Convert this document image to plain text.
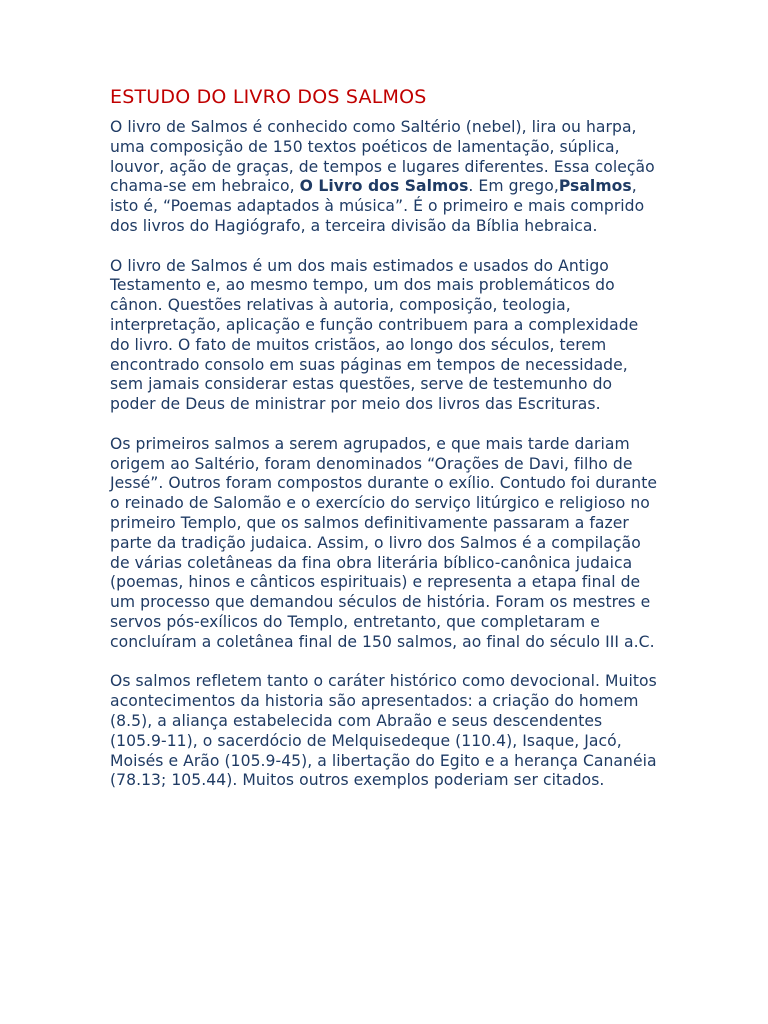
ESTUDO DO LIVRO DOS SALMOS

O livro de Salmos é conhecido como Saltério (nebel), lira ou harpa, uma composição de 150 textos poéticos de lamentação, súplica, louvor, ação de graças, de tempos e lugares diferentes. Essa coleção chama-se em hebraico, O Livro dos Salmos. Em grego,Psalmos, isto é, “Poemas adaptados à música”. É o primeiro e mais comprido dos livros do Hagiógrafo, a terceira divisão da Bíblia hebraica.

O livro de Salmos é um dos mais estimados e usados do Antigo Testamento e, ao mesmo tempo, um dos mais problemáticos do cânon. Questões relativas à autoria, composição, teologia, interpretação, aplicação e função contribuem para a complexidade do livro. O fato de muitos cristãos, ao longo dos séculos, terem encontrado consolo em suas páginas em tempos de necessidade, sem jamais considerar estas questões, serve de testemunho do poder de Deus de ministrar por meio dos livros das Escrituras.

Os primeiros salmos a serem agrupados, e que mais tarde dariam origem ao Saltério, foram denominados “Orações de Davi, filho de Jessé”. Outros foram compostos durante o exílio. Contudo foi durante o reinado de Salomão e o exercício do serviço litúrgico e religioso no primeiro Templo, que os salmos definitivamente passaram a fazer parte da tradição judaica. Assim, o livro dos Salmos é a compilação de várias coletâneas da fina obra literária bíblico-canônica judaica (poemas, hinos e cânticos espirituais) e representa a etapa final de um processo que demandou séculos de história. Foram os mestres e servos pós-exílicos do Templo, entretanto, que completaram e concluíram a coletânea final de 150 salmos, ao final do século III a.C.

Os salmos refletem tanto o caráter histórico como devocional. Muitos acontecimentos da historia são apresentados: a criação do homem (8.5), a aliança estabelecida com Abraão e seus descendentes (105.9-11), o sacerdócio de Melquisedeque (110.4), Isaque, Jacó, Moisés e Arão (105.9-45), a libertação do Egito e a herança Cananéia (78.13; 105.44). Muitos outros exemplos poderiam ser citados.
